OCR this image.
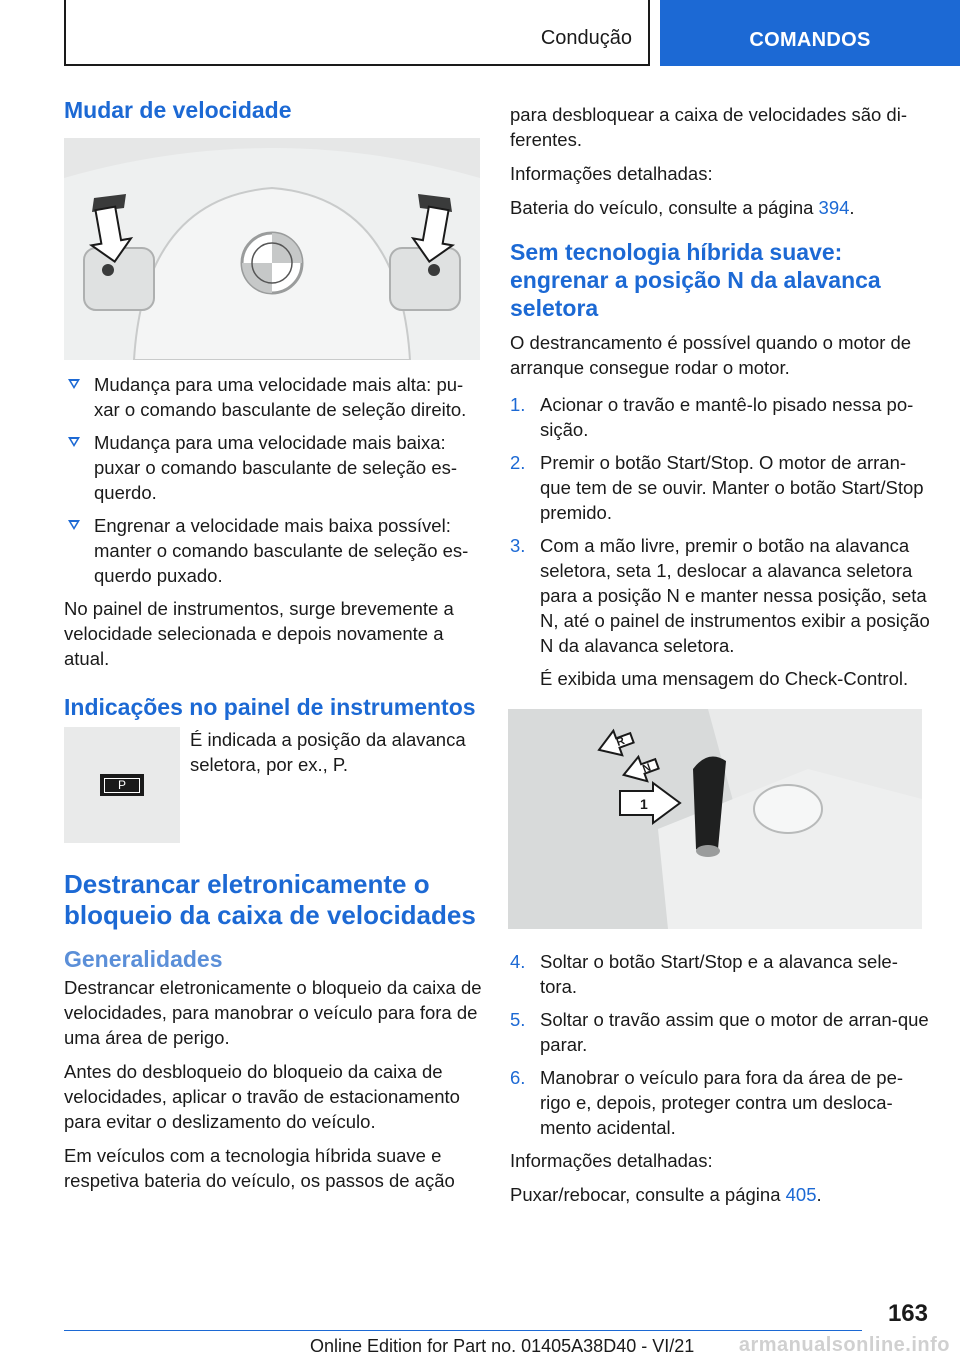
Condução	COMANDOS
Mudar de velocidade
Mudança para uma velocidade mais alta: pu-xar o comando basculante de seleção direito.
Mudança para uma velocidade mais baixa: puxar o comando basculante de seleção es-querdo.
Engrenar a velocidade mais baixa possível: manter o comando basculante de seleção es-querdo puxado.

No painel de instrumentos, surge brevemente a velocidade selecionada e depois novamente a atual.

Indicações no painel de instrumentos
P

É indicada a posição da alavanca seletora, por ex., P.

Destrancar eletronicamente o bloqueio da caixa de velocidades
Generalidades

Destrancar eletronicamente o bloqueio da caixa de velocidades, para manobrar o veículo para fora de uma área de perigo.

Antes do desbloqueio do bloqueio da caixa de velocidades, aplicar o travão de estacionamento para evitar o deslizamento do veículo.

Em veículos com a tecnologia híbrida suave e respetiva bateria do veículo, os passos de ação

para desbloquear a caixa de velocidades são di-ferentes.

Informações detalhadas:

Bateria do veículo, consulte a página 394.

Sem tecnologia híbrida suave: engrenar a posição N da alavanca seletora

O destrancamento é possível quando o motor de arranque consegue rodar o motor.

1. Acionar o travão e mantê-lo pisado nessa po-sição.
2. Premir o botão Start/Stop. O motor de arran-que tem de se ouvir. Manter o botão Start/Stop premido.
3. Com a mão livre, premir o botão na alavanca seletora, seta 1, deslocar a alavanca seletora para a posição N e manter nessa posição, seta N, até o painel de instrumentos exibir a posição N da alavanca seletora.
É exibida uma mensagem do Check-Control.
R
N
1
4. Soltar o botão Start/Stop e a alavanca sele-tora.
5. Soltar o travão assim que o motor de arran-que parar.
6. Manobrar o veículo para fora da área de pe-rigo e, depois, proteger contra um desloca-mento acidental.

Informações detalhadas:

Puxar/rebocar, consulte a página 405.

163
Online Edition for Part no. 01405A38D40 - VI/21 armanualsonline.info
